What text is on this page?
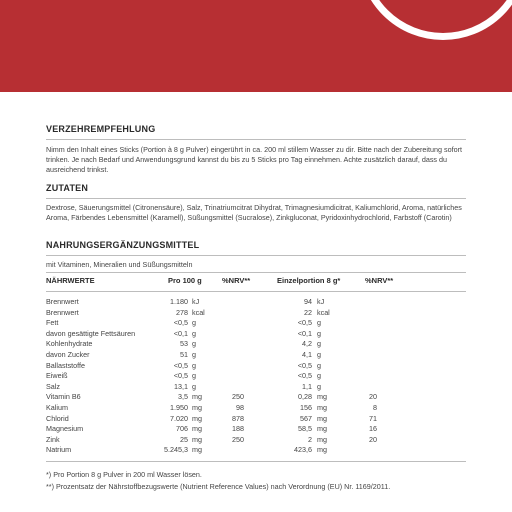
VERZEHREMPFEHLUNG
Nimm den Inhalt eines Sticks (Portion à 8 g Pulver) eingerührt in ca. 200 ml stillem Wasser zu dir. Bitte nach der Zubereitung sofort trinken. Je nach Bedarf und Anwendungsgrund kannst du bis zu 5 Sticks pro Tag einnehmen. Achte zusätzlich darauf, dass du ausreichend trinkst.
ZUTATEN
Dextrose, Säuerungsmittel (Citronensäure), Salz, Trinatriumcitrat Dihydrat, Trimagnesiumdicitrat, Kaliumchlorid, Aroma, natürliches Aroma, Färbendes Lebensmittel (Karamell), Süßungsmittel (Sucralose), Zinkgluconat, Pyridoxinhydrochlorid, Farbstoff (Carotin)
NAHRUNGSERGÄNZUNGSMITTEL
mit Vitaminen, Mineralien und Süßungsmitteln
NÄHRWERTE	Pro 100 g	%NRV**	Einzelportion 8 g*	%NRV**
Brennwert	1.180 kJ	94 kJ
Brennwert	278 kcal	22 kcal
Fett	<0,5 g	<0,5 g
davon gesättigte Fettsäuren	<0,1 g	<0,1 g
Kohlenhydrate	53 g	4,2 g
davon Zucker	51 g	4,1 g
Ballaststoffe	<0,5 g	<0,5 g
Eiweiß	<0,5 g	<0,5 g
Salz	13,1 g	1,1 g
Vitamin B6	3,5 mg	250	0,28 mg	20
Kalium	1.950 mg	98	156 mg	8
Chlorid	7.020 mg	878	567 mg	71
Magnesium	706 mg	188	58,5 mg	16
Zink	25 mg	250	2 mg	20
Natrium	5.245,3 mg	423,6 mg
*) Pro Portion 8 g Pulver in 200 ml Wasser lösen.
**) Prozentsatz der Nährstoffbezugswerte (Nutrient Reference Values) nach Verordnung (EU) Nr. 1169/2011.
